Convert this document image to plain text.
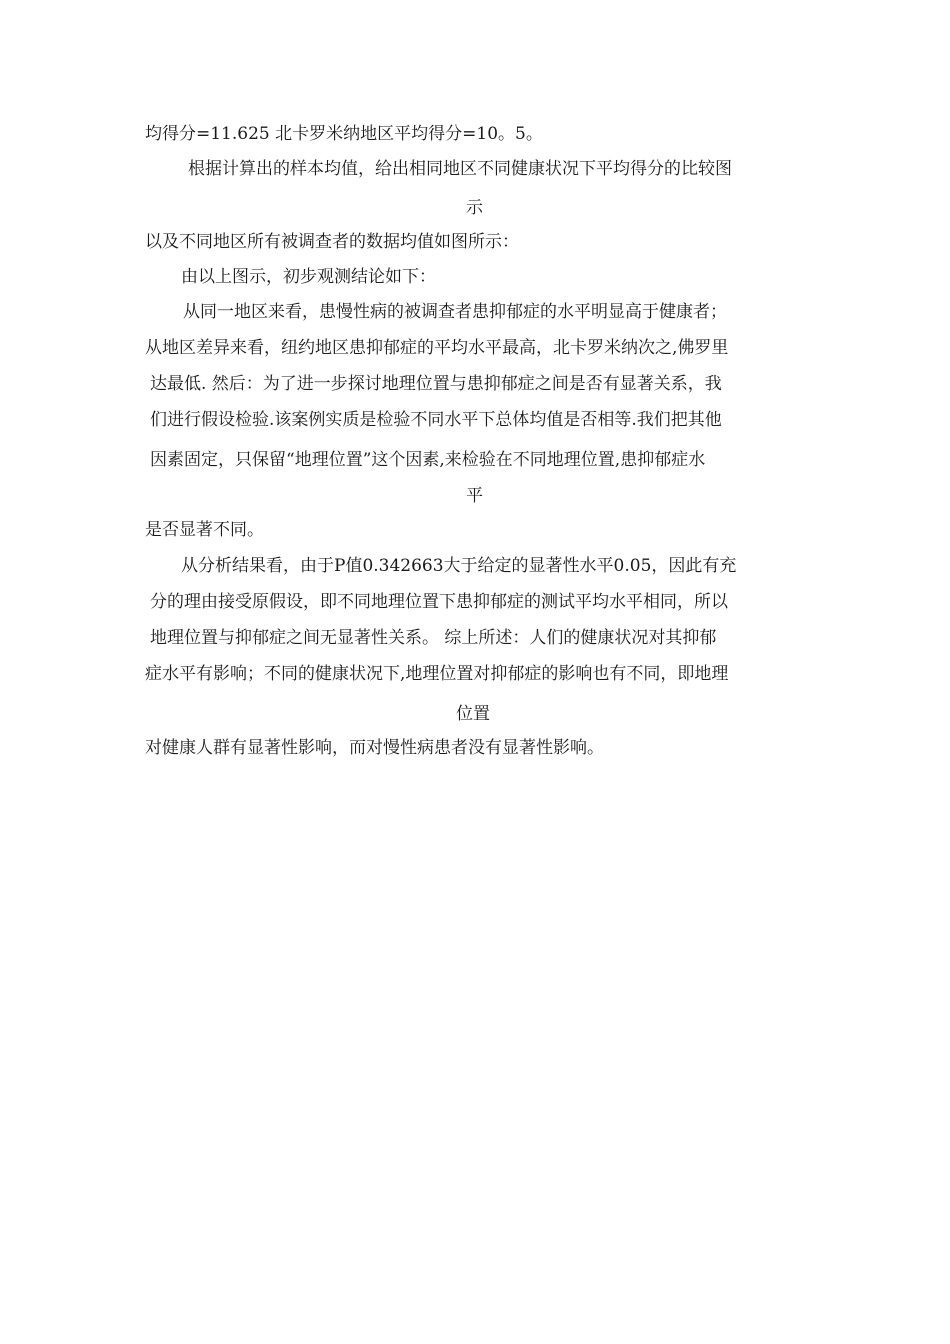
均得分=11.625 北卡罗米纳地区平均得分=10。5。
根据计算出的样本均值，给出相同地区不同健康状况下平均得分的比较图
示
以及不同地区所有被调查者的数据均值如图所示：
由以上图示，初步观测结论如下：
从同一地区来看，患慢性病的被调查者患抑郁症的水平明显高于健康者；
从地区差异来看，纽约地区患抑郁症的平均水平最高，北卡罗米纳次之,佛罗里
达最低. 然后：为了进一步探讨地理位置与患抑郁症之间是否有显著关系，我
们进行假设检验.该案例实质是检验不同水平下总体均值是否相等.我们把其他
因素固定，只保留“地理位置”这个因素,来检验在不同地理位置,患抑郁症水
平
是否显著不同。
从分析结果看，由于P值0.342663大于给定的显著性水平0.05，因此有充
分的理由接受原假设，即不同地理位置下患抑郁症的测试平均水平相同，所以
地理位置与抑郁症之间无显著性关系。 综上所述：人们的健康状况对其抑郁
症水平有影响；不同的健康状况下,地理位置对抑郁症的影响也有不同，即地理
位置
对健康人群有显著性影响，而对慢性病患者没有显著性影响。
